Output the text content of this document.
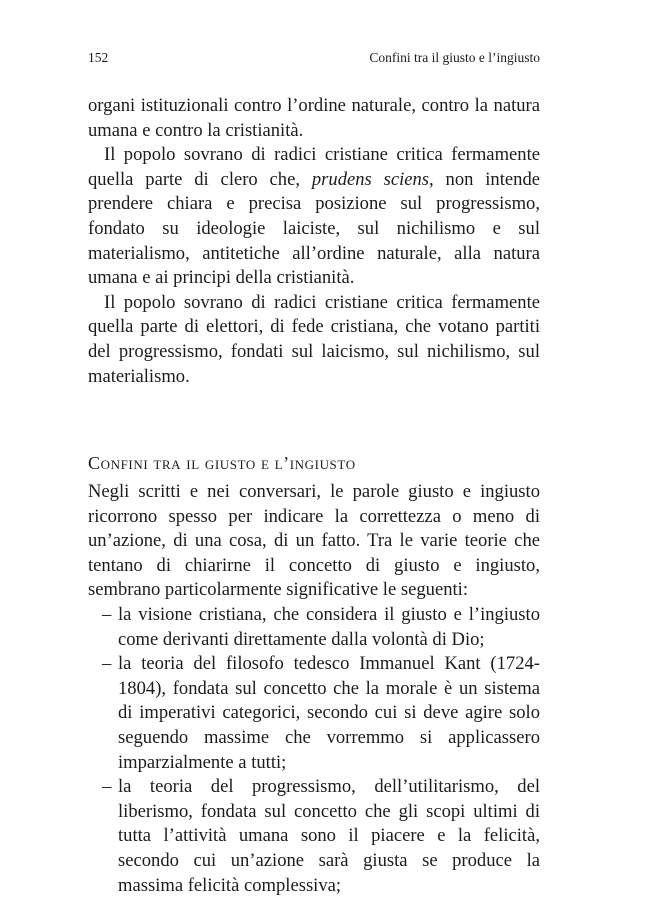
152	Confini tra il giusto e l’ingiusto

organi istituzionali contro l’ordine naturale, contro la natura umana e contro la cristianità.

Il popolo sovrano di radici cristiane critica fermamente quella parte di clero che, prudens sciens, non intende prendere chiara e precisa posizione sul progressismo, fondato su ideologie laiciste, sul nichilismo e sul materialismo, antitetiche all’ordine naturale, alla natura umana e ai principi della cristianità.

Il popolo sovrano di radici cristiane critica fermamente quella parte di elettori, di fede cristiana, che votano partiti del progressismo, fondati sul laicismo, sul nichilismo, sul materialismo.

Confini tra il giusto e l’ingiusto

Negli scritti e nei conversari, le parole giusto e ingiusto ricorrono spesso per indicare la correttezza o meno di un’azione, di una cosa, di un fatto. Tra le varie teorie che tentano di chiarirne il concetto di giusto e ingiusto, sembrano particolarmente significative le seguenti:

– la visione cristiana, che considera il giusto e l’ingiusto come derivanti direttamente dalla volontà di Dio;
– la teoria del filosofo tedesco Immanuel Kant (1724-1804), fondata sul concetto che la morale è un sistema di imperativi categorici, secondo cui si deve agire solo seguendo massime che vorremmo si applicassero imparzialmente a tutti;
– la teoria del progressismo, dell’utilitarismo, del liberismo, fondata sul concetto che gli scopi ultimi di tutta l’attività umana sono il piacere e la felicità, secondo cui un’azione sarà giusta se produce la massima felicità complessiva;
